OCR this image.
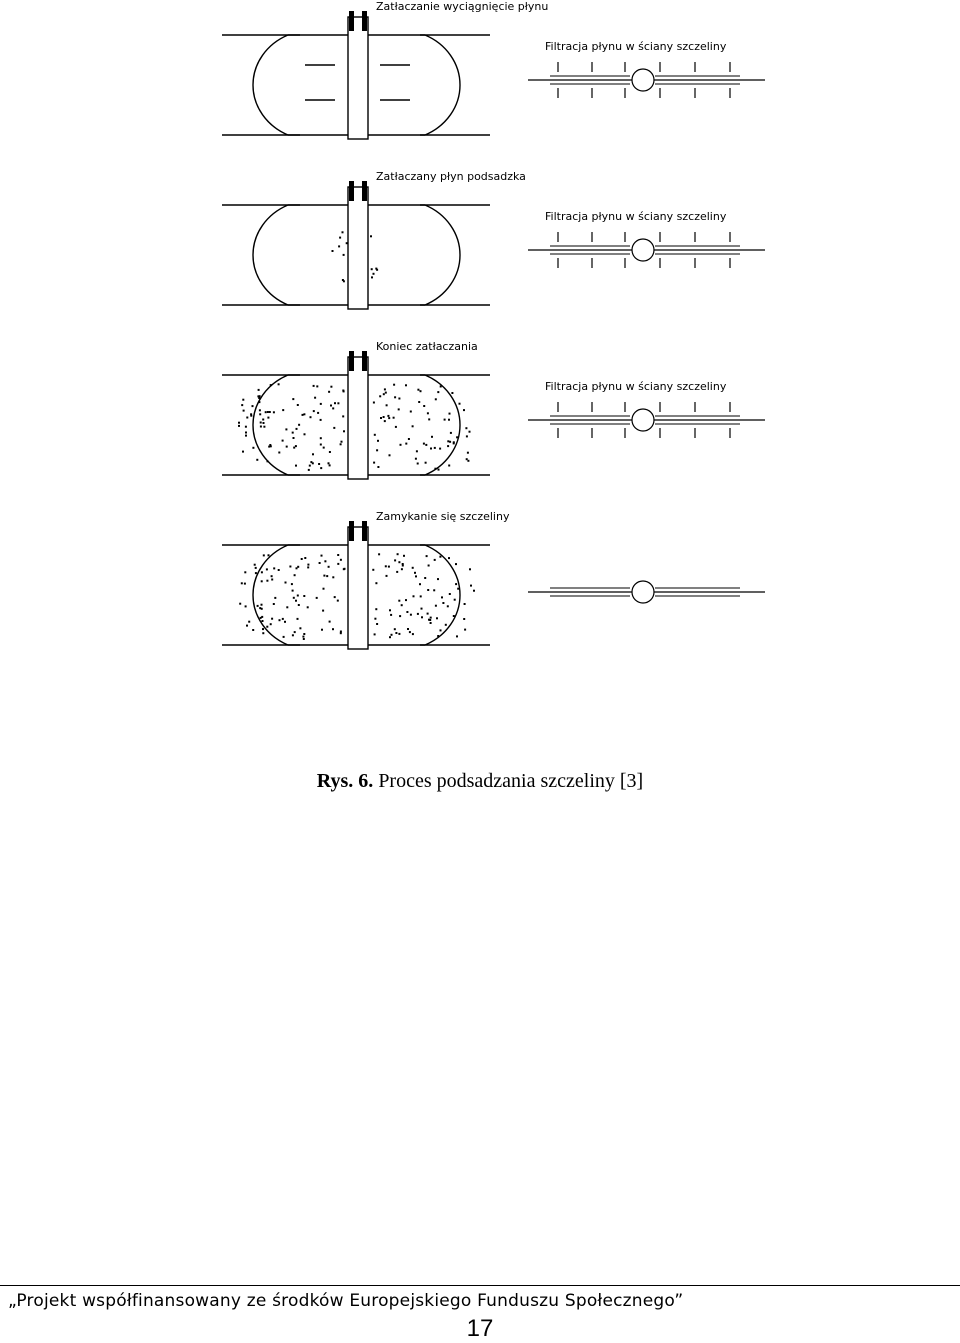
Zatłaczanie wyciągnięcie płynu
Filtracja płynu w ściany szczeliny
Zatłaczany płyn podsadzka
Filtracja płynu w ściany szczeliny
Koniec zatłaczania
Filtracja płynu w ściany szczeliny
Zamykanie się szczeliny
Rys. 6. Proces podsadzania szczeliny [3]
„Projekt współfinansowany ze środków Europejskiego Funduszu Społecznego”
17
